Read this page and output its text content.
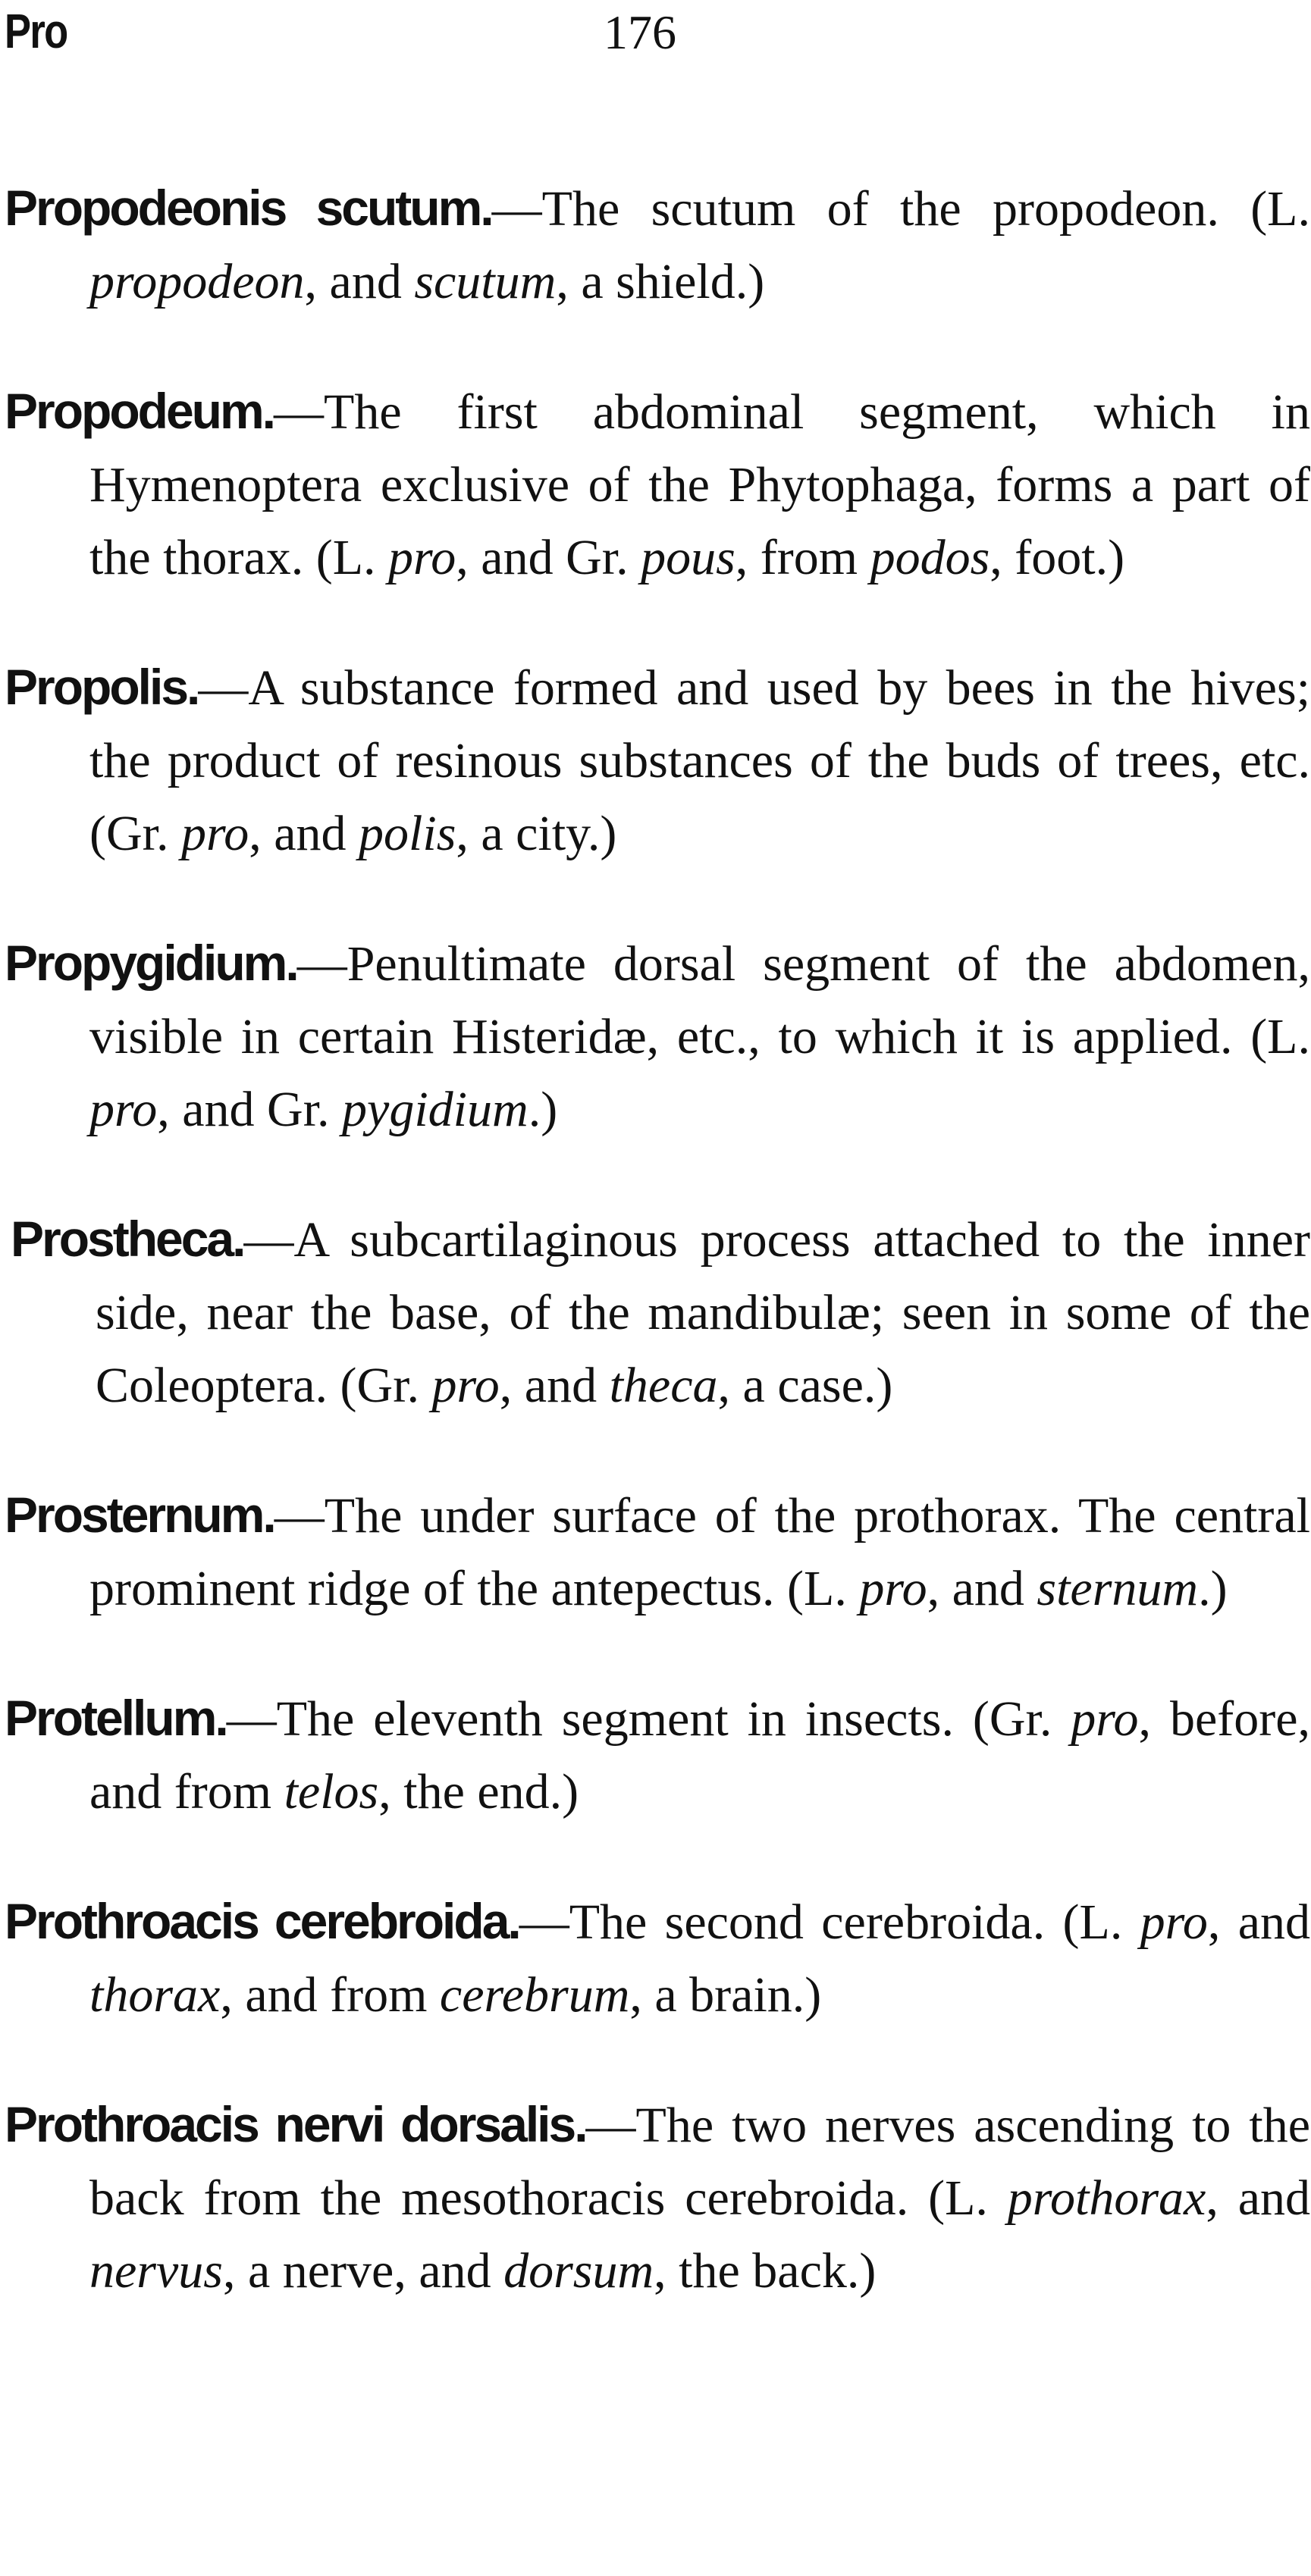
Pro	176

Propodeonis scutum.—The scutum of the propodeon. (L. propodeon, and scutum, a shield.)

Propodeum.—The first abdominal segment, which in Hymenoptera exclusive of the Phytophaga, forms a part of the thorax. (L. pro, and Gr. pous, from podos, foot.)

Propolis.—A substance formed and used by bees in the hives; the product of resinous substances of the buds of trees, etc. (Gr. pro, and polis, a city.)

Propygidium.—Penultimate dorsal segment of the abdomen, visible in certain Histeridæ, etc., to which it is applied. (L. pro, and Gr. pygidium.)

Prostheca.—A subcartilaginous process attached to the inner side, near the base, of the mandibulæ; seen in some of the Coleoptera. (Gr. pro, and theca, a case.)

Prosternum.—The under surface of the prothorax. The central prominent ridge of the antepectus. (L. pro, and sternum.)

Protellum.—The eleventh segment in insects. (Gr. pro, before, and from telos, the end.)

Prothroacis cerebroida.—The second cerebroida. (L. pro, and thorax, and from cerebrum, a brain.)

Prothroacis nervi dorsalis.—The two nerves ascending to the back from the mesothoracis cerebroida. (L. prothorax, and nervus, a nerve, and dorsum, the back.)
